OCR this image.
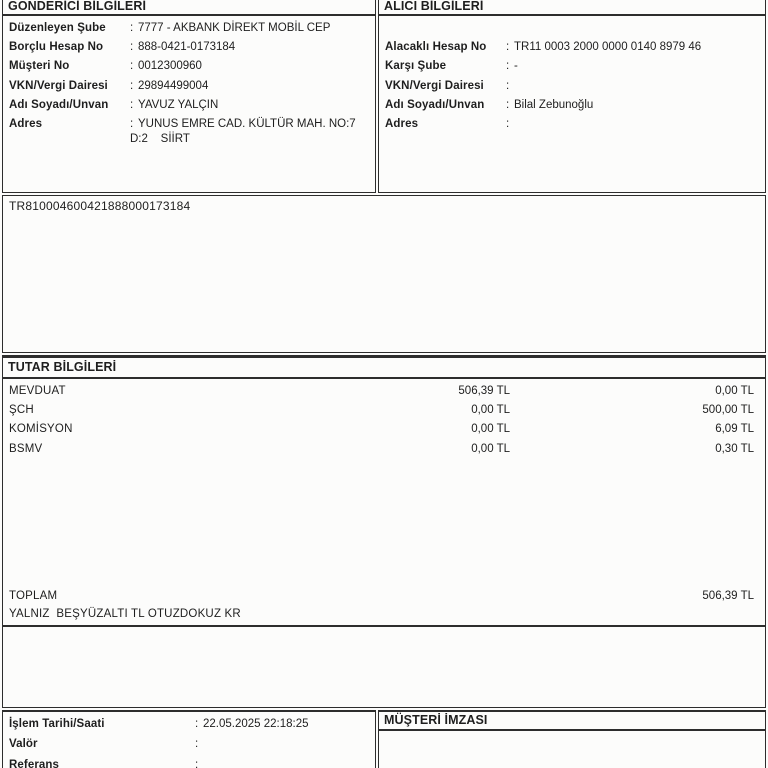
GÖNDERİCİ BİLGİLERİ
Düzenleyen Şube	: 7777 - AKBANK DİREKT MOBİL CEP
Borçlu Hesap No	: 888-0421-0173184
Müşteri No	: 0012300960
VKN/Vergi Dairesi	: 29894499004
Adı Soyadı/Unvan	: YAVUZ YALÇIN
Adres	: YUNUS EMRE CAD. KÜLTÜR MAH. NO:7
D:2    SİİRT
ALICI BİLGİLERİ
Alacaklı Hesap No	: TR11 0003 2000 0000 0140 8979 46
Karşı Şube	: -
VKN/Vergi Dairesi	:
Adı Soyadı/Unvan	: Bilal Zebunoğlu
Adres	:
TR810004600421888000173184
TUTAR BİLGİLERİ
MEVDUAT	506,39 TL	0,00 TL
ŞCH	0,00 TL	500,00 TL
KOMİSYON	0,00 TL	6,09 TL
BSMV	0,00 TL	0,30 TL
TOPLAM	506,39 TL
YALNIZ  BEŞYÜZALTI TL OTUZDOKUZ KR
İşlem Tarihi/Saati	: 22.05.2025 22:18:25
Valör	:
Referans	:
MÜŞTERİ İMZASI
